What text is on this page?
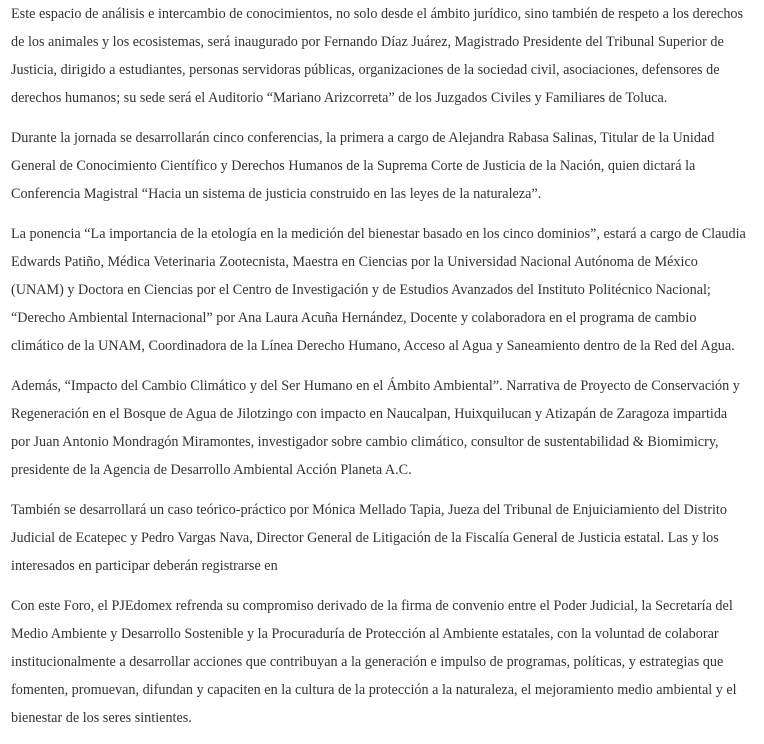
Este espacio de análisis e intercambio de conocimientos, no solo desde el ámbito jurídico, sino también de respeto a los derechos de los animales y los ecosistemas, será inaugurado por Fernando Díaz Juárez, Magistrado Presidente del Tribunal Superior de Justicia, dirigido a estudiantes, personas servidoras públicas, organizaciones de la sociedad civil, asociaciones, defensores de derechos humanos; su sede será el Auditorio “Mariano Arizcorreta” de los Juzgados Civiles y Familiares de Toluca.

Durante la jornada se desarrollarán cinco conferencias, la primera a cargo de Alejandra Rabasa Salinas, Titular de la Unidad General de Conocimiento Científico y Derechos Humanos de la Suprema Corte de Justicia de la Nación, quien dictará la Conferencia Magistral “Hacia un sistema de justicia construido en las leyes de la naturaleza”.

La ponencia “La importancia de la etología en la medición del bienestar basado en los cinco dominios”, estará a cargo de Claudia Edwards Patiño, Médica Veterinaria Zootecnista, Maestra en Ciencias por la Universidad Nacional Autónoma de México (UNAM) y Doctora en Ciencias por el Centro de Investigación y de Estudios Avanzados del Instituto Politécnico Nacional; “Derecho Ambiental Internacional” por Ana Laura Acuña Hernández, Docente y colaboradora en el programa de cambio climático de la UNAM, Coordinadora de la Línea Derecho Humano, Acceso al Agua y Saneamiento dentro de la Red del Agua.

Además, “Impacto del Cambio Climático y del Ser Humano en el Ámbito Ambiental”. Narrativa de Proyecto de Conservación y Regeneración en el Bosque de Agua de Jilotzingo con impacto en Naucalpan, Huixquilucan y Atizapán de Zaragoza impartida por Juan Antonio Mondragón Miramontes, investigador sobre cambio climático, consultor de sustentabilidad & Biomimicry, presidente de la Agencia de Desarrollo Ambiental Acción Planeta A.C.

También se desarrollará un caso teórico-práctico por Mónica Mellado Tapia, Jueza del Tribunal de Enjuiciamiento del Distrito Judicial de Ecatepec y Pedro Vargas Nava, Director General de Litigación de la Fiscalía General de Justicia estatal. Las y los interesados en participar deberán registrarse en

Con este Foro, el PJEdomex refrenda su compromiso derivado de la firma de convenio entre el Poder Judicial, la Secretaría del Medio Ambiente y Desarrollo Sostenible y la Procuraduría de Protección al Ambiente estatales, con la voluntad de colaborar institucionalmente a desarrollar acciones que contribuyan a la generación e impulso de programas, políticas, y estrategias que fomenten, promuevan, difundan y capaciten en la cultura de la protección a la naturaleza, el mejoramiento medio ambiental y el bienestar de los seres sintientes.
